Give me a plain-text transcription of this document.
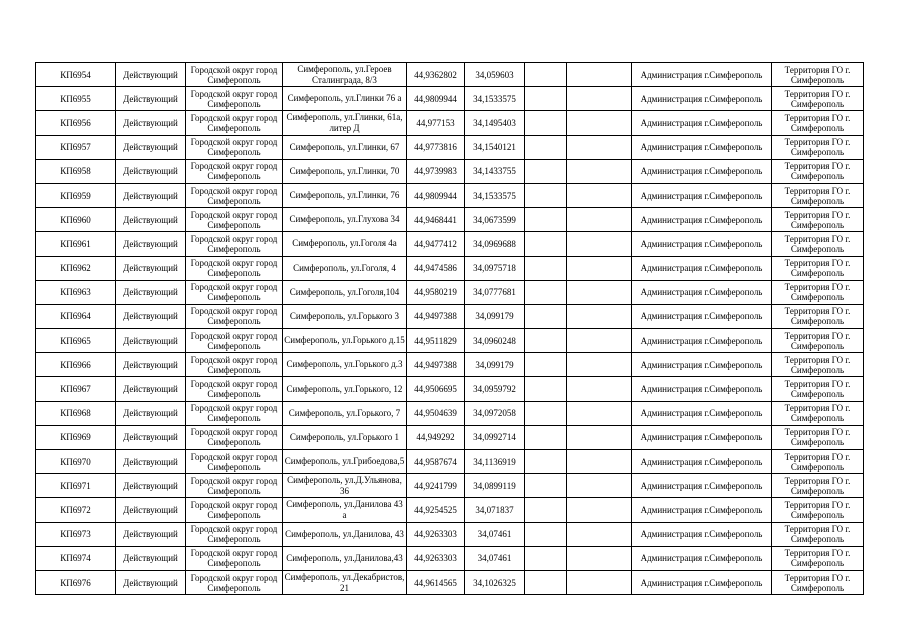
КП6954	Действующий	Городской округ город Симферополь	Симферополь, ул.Героев Сталинграда, 8/3	44,9362802	34,059603			Администрация г.Симферополь	Территория ГО г. Симферополь
КП6955	Действующий	Городской округ город Симферополь	Симферополь, ул.Глинки 76 а	44,9809944	34,1533575			Администрация г.Симферополь	Территория ГО г. Симферополь
КП6956	Действующий	Городской округ город Симферополь	Симферополь, ул.Глинки, 61а, литер Д	44,977153	34,1495403			Администрация г.Симферополь	Территория ГО г. Симферополь
КП6957	Действующий	Городской округ город Симферополь	Симферополь, ул.Глинки, 67	44,9773816	34,1540121			Администрация г.Симферополь	Территория ГО г. Симферополь
КП6958	Действующий	Городской округ город Симферополь	Симферополь, ул.Глинки, 70	44,9739983	34,1433755			Администрация г.Симферополь	Территория ГО г. Симферополь
КП6959	Действующий	Городской округ город Симферополь	Симферополь, ул.Глинки, 76	44,9809944	34,1533575			Администрация г.Симферополь	Территория ГО г. Симферополь
КП6960	Действующий	Городской округ город Симферополь	Симферополь, ул.Глухова 34	44,9468441	34,0673599			Администрация г.Симферополь	Территория ГО г. Симферополь
КП6961	Действующий	Городской округ город Симферополь	Симферополь, ул.Гоголя 4а	44,9477412	34,0969688			Администрация г.Симферополь	Территория ГО г. Симферополь
КП6962	Действующий	Городской округ город Симферополь	Симферополь, ул.Гоголя, 4	44,9474586	34,0975718			Администрация г.Симферополь	Территория ГО г. Симферополь
КП6963	Действующий	Городской округ город Симферополь	Симферополь, ул.Гоголя,104	44,9580219	34,0777681			Администрация г.Симферополь	Территория ГО г. Симферополь
КП6964	Действующий	Городской округ город Симферополь	Симферополь, ул.Горького 3	44,9497388	34,099179			Администрация г.Симферополь	Территория ГО г. Симферополь
КП6965	Действующий	Городской округ город Симферополь	Симферополь, ул.Горького д.15	44,9511829	34,0960248			Администрация г.Симферополь	Территория ГО г. Симферополь
КП6966	Действующий	Городской округ город Симферополь	Симферополь, ул.Горького д.3	44,9497388	34,099179			Администрация г.Симферополь	Территория ГО г. Симферополь
КП6967	Действующий	Городской округ город Симферополь	Симферополь, ул.Горького, 12	44,9506695	34,0959792			Администрация г.Симферополь	Территория ГО г. Симферополь
КП6968	Действующий	Городской округ город Симферополь	Симферополь, ул.Горького, 7	44,9504639	34,0972058			Администрация г.Симферополь	Территория ГО г. Симферополь
КП6969	Действующий	Городской округ город Симферополь	Симферополь, ул.Горького 1	44,949292	34,0992714			Администрация г.Симферополь	Территория ГО г. Симферополь
КП6970	Действующий	Городской округ город Симферополь	Симферополь, ул.Грибоедова,5	44,9587674	34,1136919			Администрация г.Симферополь	Территория ГО г. Симферополь
КП6971	Действующий	Городской округ город Симферополь	Симферополь, ул.Д.Ульянова, 36	44,9241799	34,0899119			Администрация г.Симферополь	Территория ГО г. Симферополь
КП6972	Действующий	Городской округ город Симферополь	Симферополь, ул.Данилова 43 а	44,9254525	34,071837			Администрация г.Симферополь	Территория ГО г. Симферополь
КП6973	Действующий	Городской округ город Симферополь	Симферополь, ул.Данилова, 43	44,9263303	34,07461			Администрация г.Симферополь	Территория ГО г. Симферополь
КП6974	Действующий	Городской округ город Симферополь	Симферополь, ул.Данилова,43	44,9263303	34,07461			Администрация г.Симферополь	Территория ГО г. Симферополь
КП6976	Действующий	Городской округ город Симферополь	Симферополь, ул.Декабристов, 21	44,9614565	34,1026325			Администрация г.Симферополь	Территория ГО г. Симферополь
